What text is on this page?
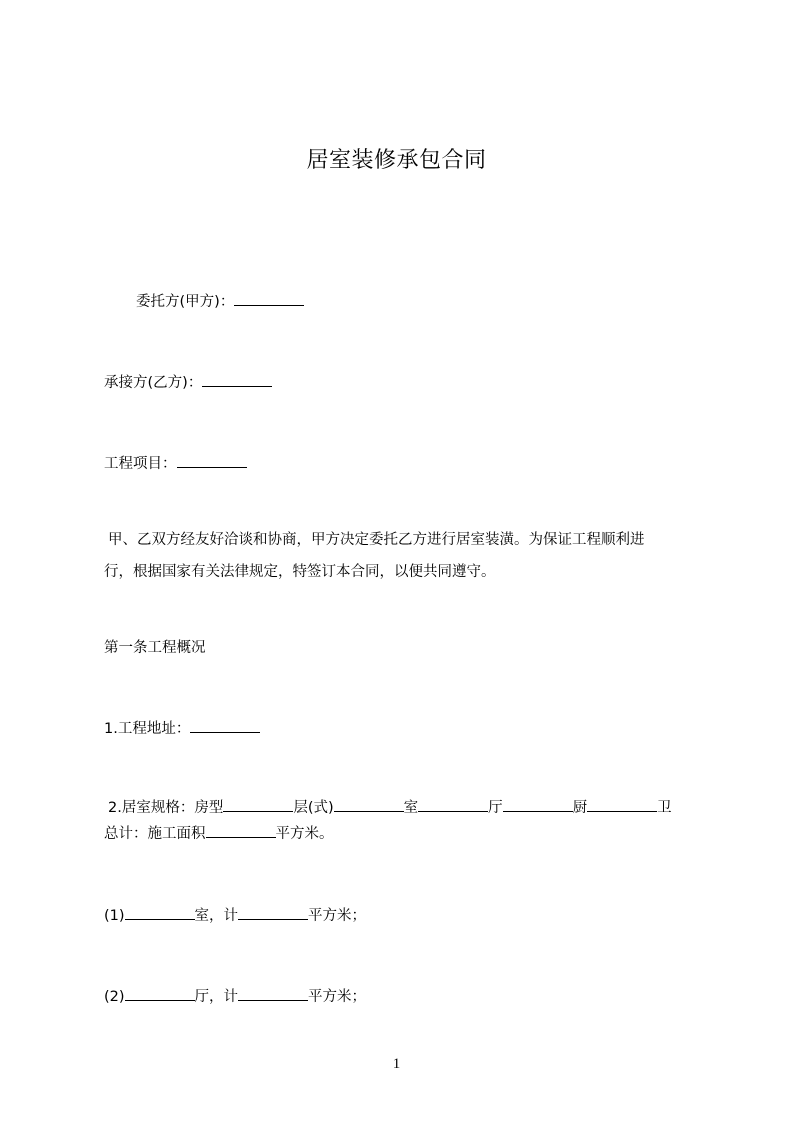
居室装修承包合同
委托方(甲方)：
承接方(乙方)：
工程项目：
甲、乙双方经友好洽谈和协商，甲方决定委托乙方进行居室装潢。为保证工程顺利进
行，根据国家有关法律规定，特签订本合同，以便共同遵守。
第一条工程概况
1.工程地址：
2.居室规格：房型	层(式)	室	厅	厨	卫
总计：施工面积	平方米。
(1)	室，计	平方米；
(2)	厅，计	平方米；
1
